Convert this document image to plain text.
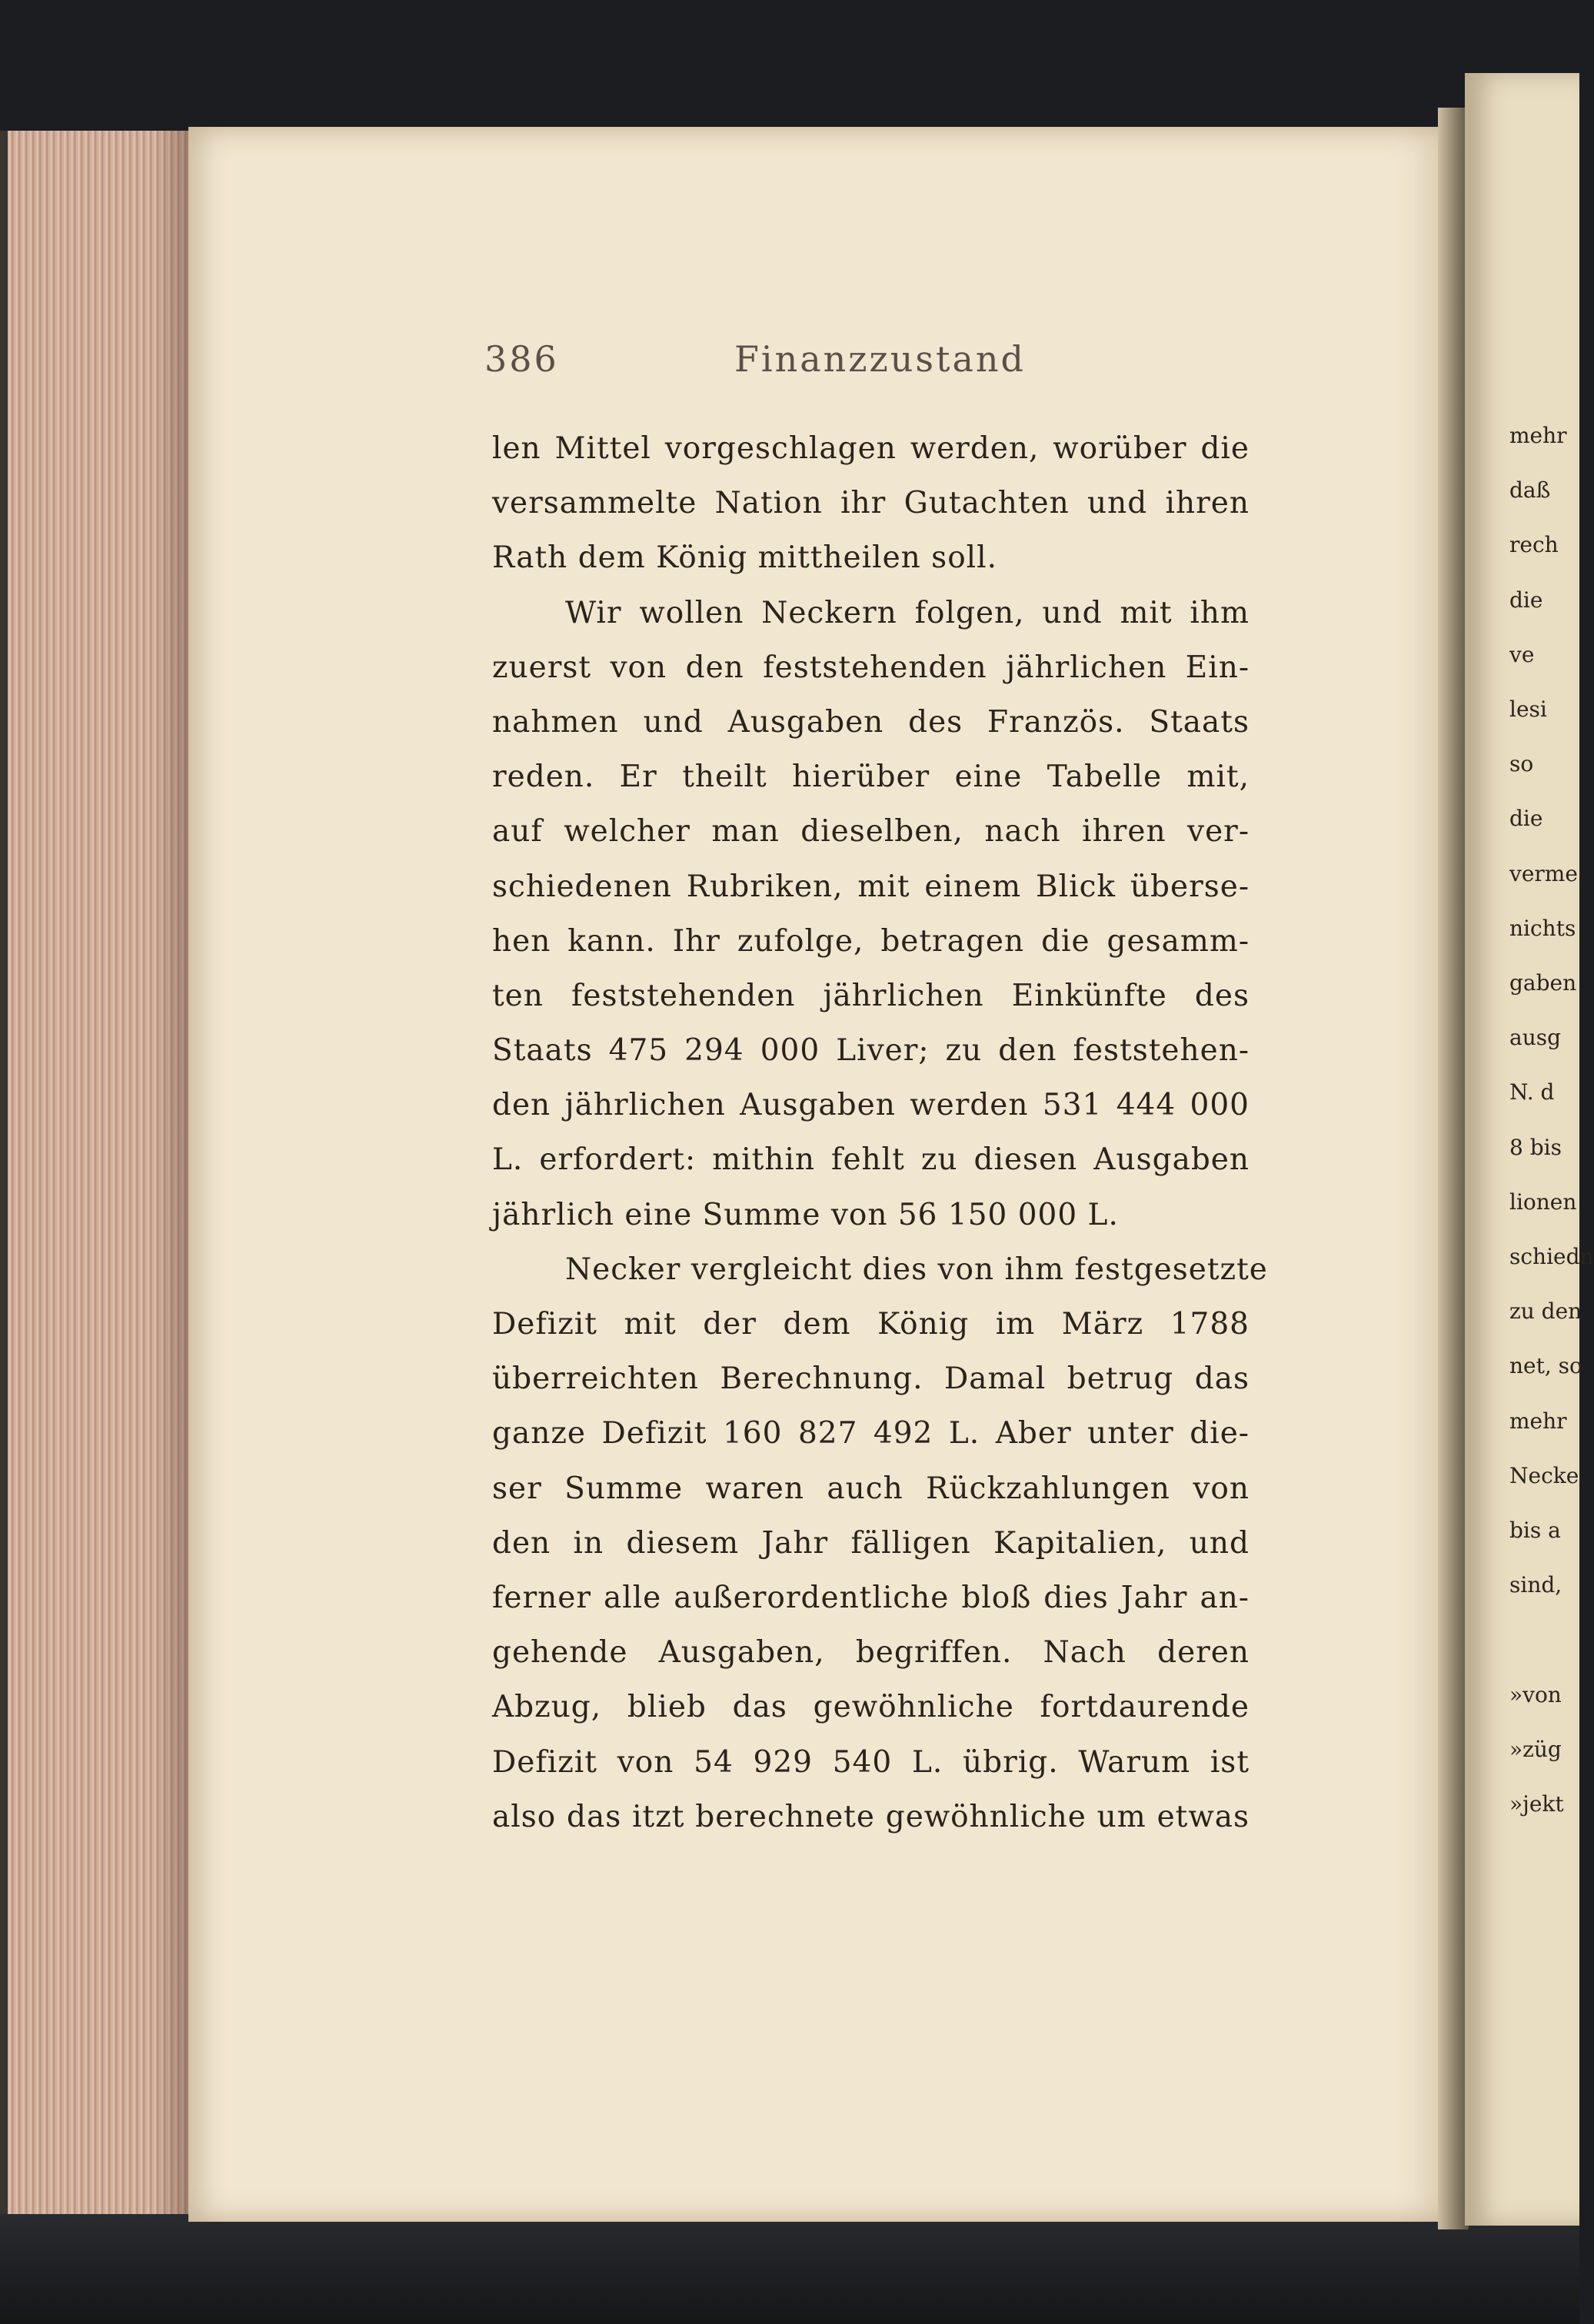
386	Finanzzustand
len Mittel vorgeschlagen werden, worüber die
versammelte Nation ihr Gutachten und ihren
Rath dem König mittheilen soll.
Wir wollen Neckern folgen, und mit ihm
zuerst von den feststehenden jährlichen Ein-
nahmen und Ausgaben des Französ. Staats
reden. Er theilt hierüber eine Tabelle mit,
auf welcher man dieselben, nach ihren ver-
schiedenen Rubriken, mit einem Blick überse-
hen kann. Ihr zufolge, betragen die gesamm-
ten feststehenden jährlichen Einkünfte des
Staats 475 294 000 Liver; zu den feststehen-
den jährlichen Ausgaben werden 531 444 000
L. erfordert: mithin fehlt zu diesen Ausgaben
jährlich eine Summe von 56 150 000 L.
Necker vergleicht dies von ihm festgesetzte
Defizit mit der dem König im März 1788
überreichten Berechnung. Damal betrug das
ganze Defizit 160 827 492 L. Aber unter die-
ser Summe waren auch Rückzahlungen von
den in diesem Jahr fälligen Kapitalien, und
ferner alle außerordentliche bloß dies Jahr an-
gehende Ausgaben, begriffen. Nach deren
Abzug, blieb das gewöhnliche fortdaurende
Defizit von 54 929 540 L. übrig. Warum ist
also das itzt berechnete gewöhnliche um etwas
mehr
daß
rech
die
ve
lesi
so
die
verme
nichts
gaben
ausg
N. d
8 bis
lionen
schiedn
zu den
net, so
mehr
Necke
bis a
sind,
»von
»züg
»jekt
